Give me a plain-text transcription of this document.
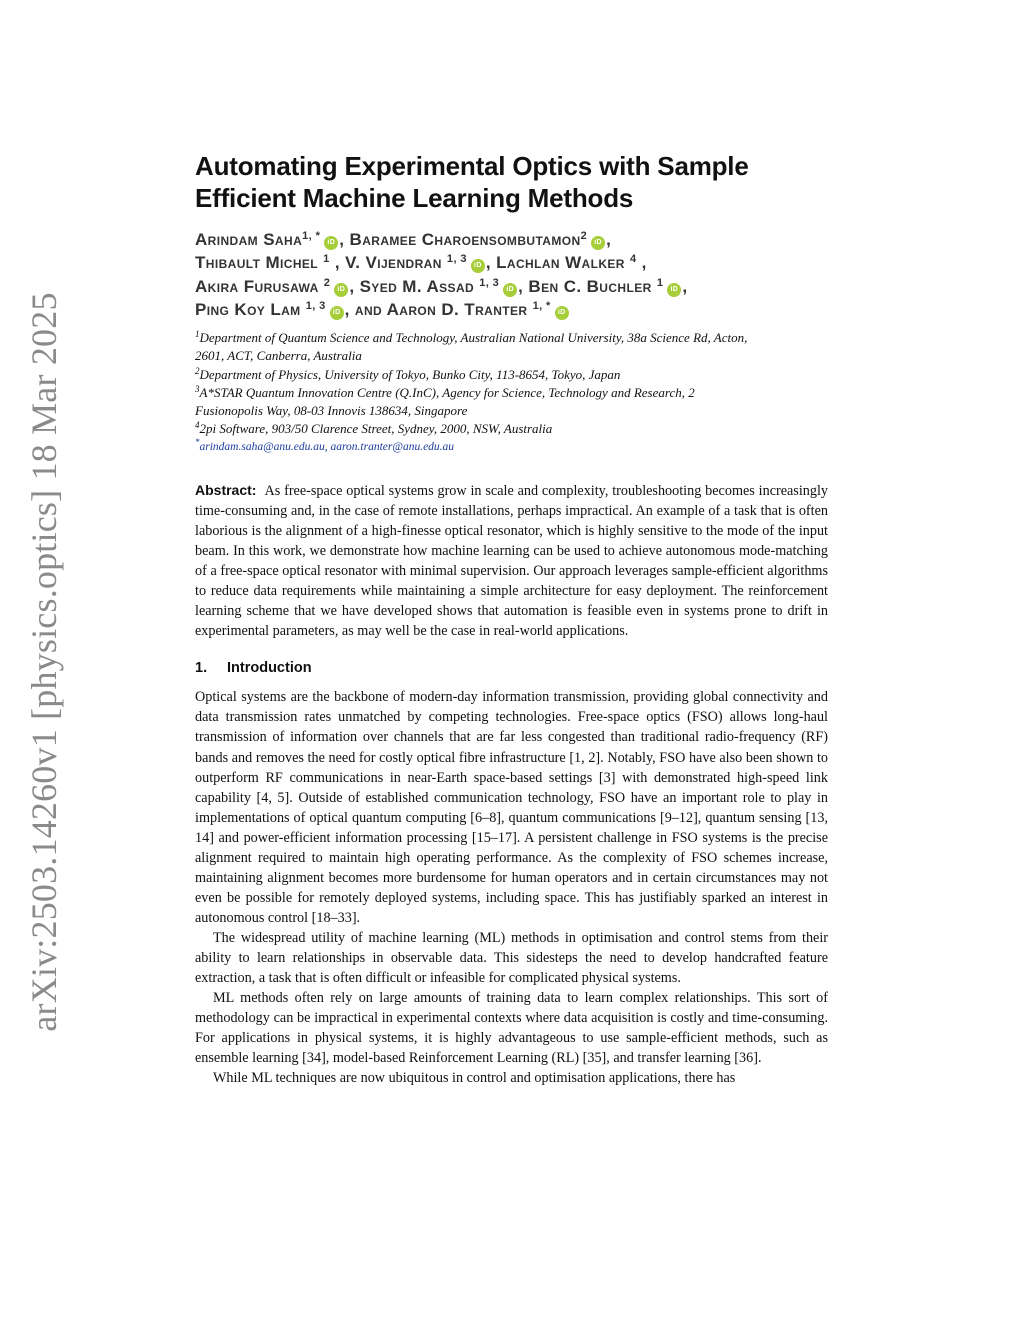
arXiv:2503.14260v1 [physics.optics] 18 Mar 2025
Automating Experimental Optics with Sample
Efficient Machine Learning Methods
Arindam Saha$^{1, *}$iD , Baramee Charoensombutamon$^2$iD ,
Thibault Michel $^1$ , V. Vijendran $^{1, 3}$iD , Lachlan Walker $^4$ ,
Akira Furusawa $^2$iD , Syed M. Assad $^{1, 3}$iD , Ben C. Buchler $^1$iD ,
Ping Koy Lam $^{1, 3}$iD , and Aaron D. Tranter $^{1, *}$iD
$^1$Department of Quantum Science and Technology, Australian National University, 38a Science Rd, Acton,
2601, ACT, Canberra, Australia
$^2$Department of Physics, University of Tokyo, Bunko City, 113-8654, Tokyo, Japan
$^3$A*STAR Quantum Innovation Centre (Q.InC), Agency for Science, Technology and Research, 2
Fusionopolis Way, 08-03 Innovis 138634, Singapore
$^4$2pi Software, 903/50 Clarence Street, Sydney, 2000, NSW, Australia
*arindam.saha@anu.edu.au, aaron.tranter@anu.edu.au
Abstract: As free-space optical systems grow in scale and complexity, troubleshooting becomes increasingly time-consuming and, in the case of remote installations, perhaps impractical. An example of a task that is often laborious is the alignment of a high-finesse optical resonator, which is highly sensitive to the mode of the input beam. In this work, we demonstrate how machine learning can be used to achieve autonomous mode-matching of a free-space optical resonator with minimal supervision. Our approach leverages sample-efficient algorithms to reduce data requirements while maintaining a simple architecture for easy deployment. The reinforcement learning scheme that we have developed shows that automation is feasible even in systems prone to drift in experimental parameters, as may well be the case in real-world applications.
1. Introduction

Optical systems are the backbone of modern-day information transmission, providing global connectivity and data transmission rates unmatched by competing technologies. Free-space optics (FSO) allows long-haul transmission of information over channels that are far less congested than traditional radio-frequency (RF) bands and removes the need for costly optical fibre infrastructure [1, 2]. Notably, FSO have also been shown to outperform RF communications in near-Earth space-based settings [3] with demonstrated high-speed link capability [4, 5]. Outside of established communication technology, FSO have an important role to play in implementations of optical quantum computing [6–8], quantum communications [9–12], quantum sensing [13, 14] and power-efficient information processing [15–17]. A persistent challenge in FSO systems is the precise alignment required to maintain high operating performance. As the complexity of FSO schemes increase, maintaining alignment becomes more burdensome for human operators and in certain circumstances may not even be possible for remotely deployed systems, including space. This has justifiably sparked an interest in autonomous control [18–33].

The widespread utility of machine learning (ML) methods in optimisation and control stems from their ability to learn relationships in observable data. This sidesteps the need to develop handcrafted feature extraction, a task that is often difficult or infeasible for complicated physical systems.

ML methods often rely on large amounts of training data to learn complex relationships. This sort of methodology can be impractical in experimental contexts where data acquisition is costly and time-consuming. For applications in physical systems, it is highly advantageous to use sample-efficient methods, such as ensemble learning [34], model-based Reinforcement Learning (RL) [35], and transfer learning [36].

While ML techniques are now ubiquitous in control and optimisation applications, there has
